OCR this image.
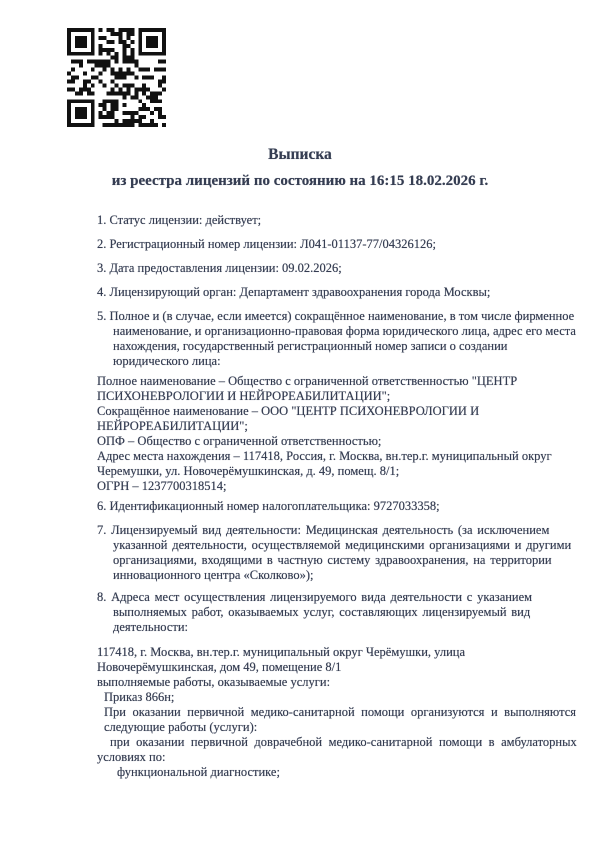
Выписка
из реестра лицензий по состоянию на 16:15 18.02.2026 г.
1. Статус лицензии: действует;
2. Регистрационный номер лицензии: Л041-01137-77/04326126;
3. Дата предоставления лицензии: 09.02.2026;
4. Лицензирующий орган: Департамент здравоохранения города Москвы;
5. Полное и (в случае, если имеется) сокращённое наименование, в том числе фирменное
наименование, и организационно-правовая форма юридического лица, адрес его места
нахождения, государственный регистрационный номер записи о создании
юридического лица:
Полное наименование – Общество с ограниченной ответственностью "ЦЕНТР
ПСИХОНЕВРОЛОГИИ И НЕЙРОРЕАБИЛИТАЦИИ";
Сокращённое наименование – ООО "ЦЕНТР ПСИХОНЕВРОЛОГИИ И
НЕЙРОРЕАБИЛИТАЦИИ";
ОПФ – Общество с ограниченной ответственностью;
Адрес места нахождения – 117418, Россия, г. Москва, вн.тер.г. муниципальный округ
Черемушки, ул. Новочерёмушкинская, д. 49, помещ. 8/1;
ОГРН – 1237700318514;
6. Идентификационный номер налогоплательщика: 9727033358;
7. Лицензируемый вид деятельности: Медицинская деятельность (за исключением
указанной деятельности, осуществляемой медицинскими организациями и другими
организациями, входящими в частную систему здравоохранения, на территории
инновационного центра «Сколково»);
8. Адреса мест осуществления лицензируемого вида деятельности с указанием
выполняемых работ, оказываемых услуг, составляющих лицензируемый вид
деятельности:
117418, г. Москва, вн.тер.г. муниципальный округ Черёмушки, улица
Новочерёмушкинская, дом 49, помещение 8/1
выполняемые работы, оказываемые услуги:
Приказ 866н;
При оказании первичной медико-санитарной помощи организуются и выполняются
следующие работы (услуги):
при оказании первичной доврачебной медико-санитарной помощи в амбулаторных
условиях по:
функциональной диагностике;
